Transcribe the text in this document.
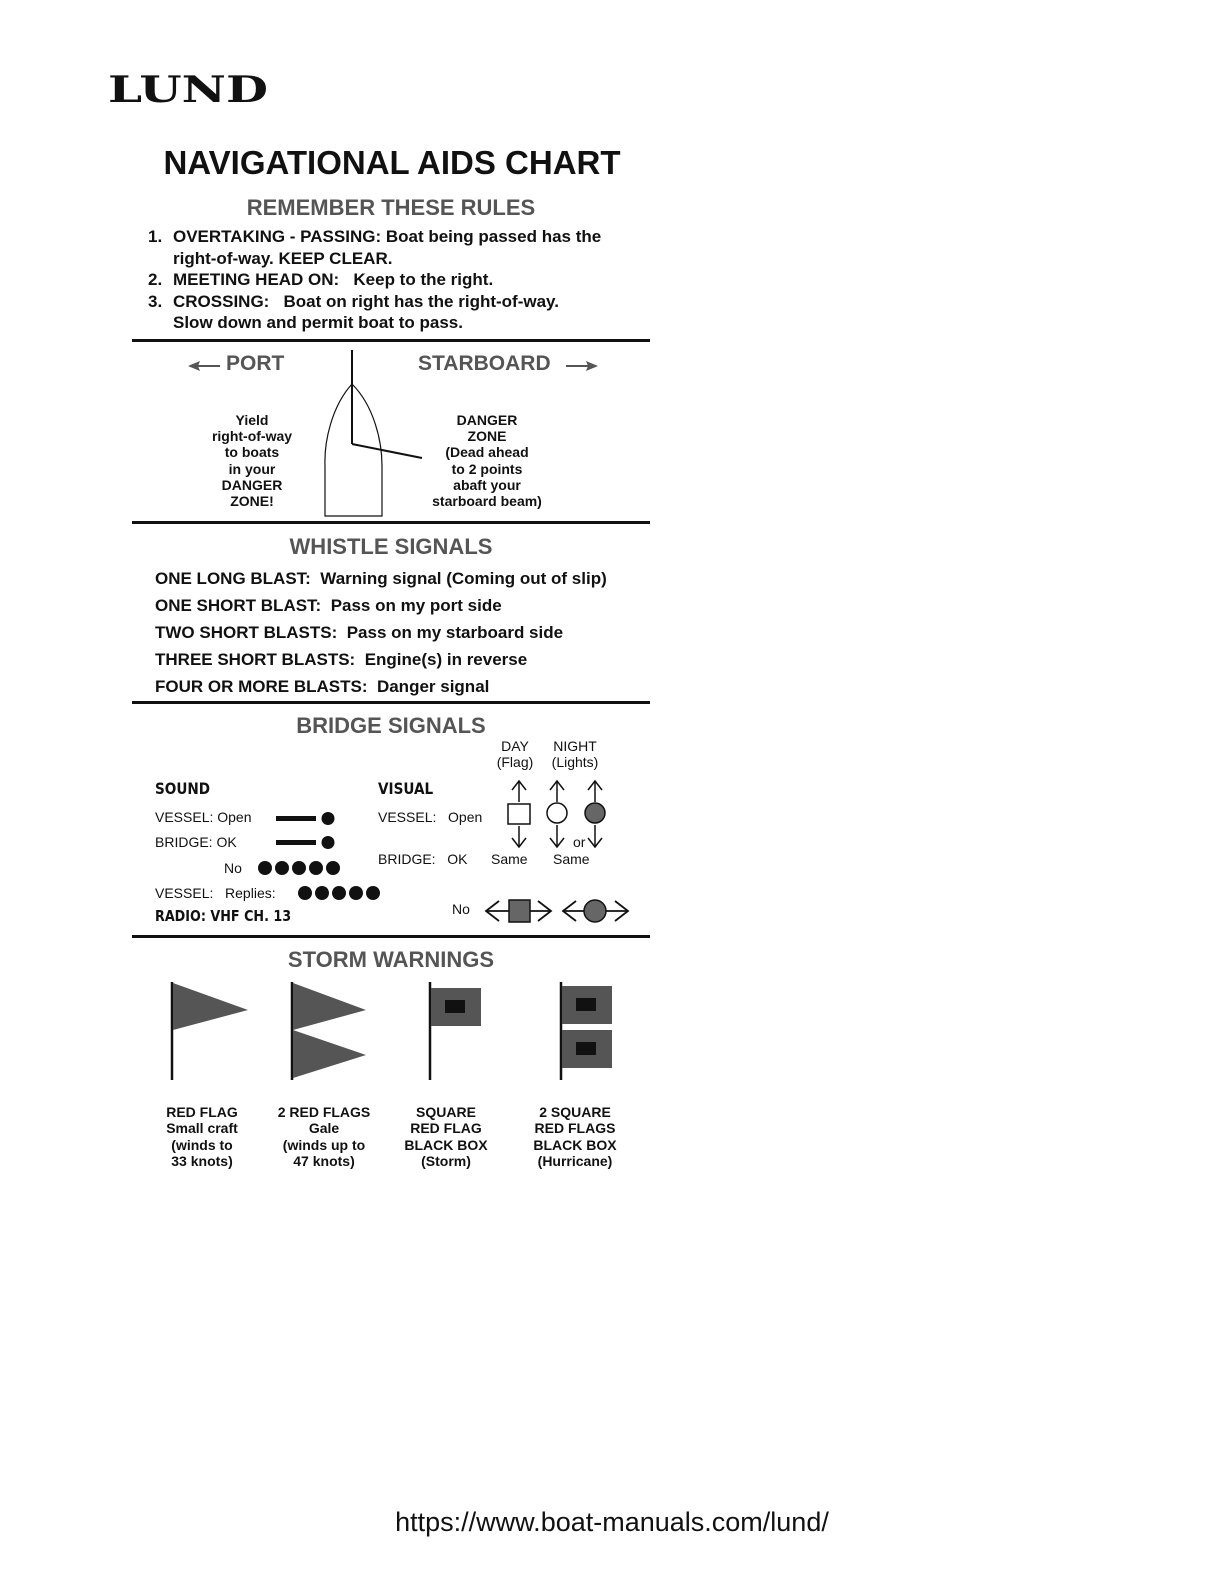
LUND
NAVIGATIONAL AIDS CHART
REMEMBER THESE RULES
1. OVERTAKING - PASSING: Boat being passed has the
right-of-way. KEEP CLEAR.
2. MEETING HEAD ON:   Keep to the right.
3. CROSSING:   Boat on right has the right-of-way.
Slow down and permit boat to pass.
PORT	STARBOARD
Yield
right-of-way
to boats
in your
DANGER
ZONE!
DANGER
ZONE
(Dead ahead
to 2 points
abaft your
starboard beam)
WHISTLE SIGNALS
ONE LONG BLAST: Warning signal (Coming out of slip)
ONE SHORT BLAST: Pass on my port side
TWO SHORT BLASTS: Pass on my starboard side
THREE SHORT BLASTS: Engine(s) in reverse
FOUR OR MORE BLASTS: Danger signal
BRIDGE SIGNALS
DAY
(Flag)
NIGHT
(Lights)
SOUND	VISUAL
VESSEL: Open
BRIDGE: OK
No
VESSEL:   Replies:
RADIO: VHF CH. 13
VESSEL:   Open
BRIDGE:   OK
or
Same Same
No
STORM WARNINGS
RED FLAG
Small craft
(winds to
33 knots)
2 RED FLAGS
Gale
(winds up to
47 knots)
SQUARE
RED FLAG
BLACK BOX
(Storm)
2 SQUARE
RED FLAGS
BLACK BOX
(Hurricane)
https://www.boat-manuals.com/lund/
